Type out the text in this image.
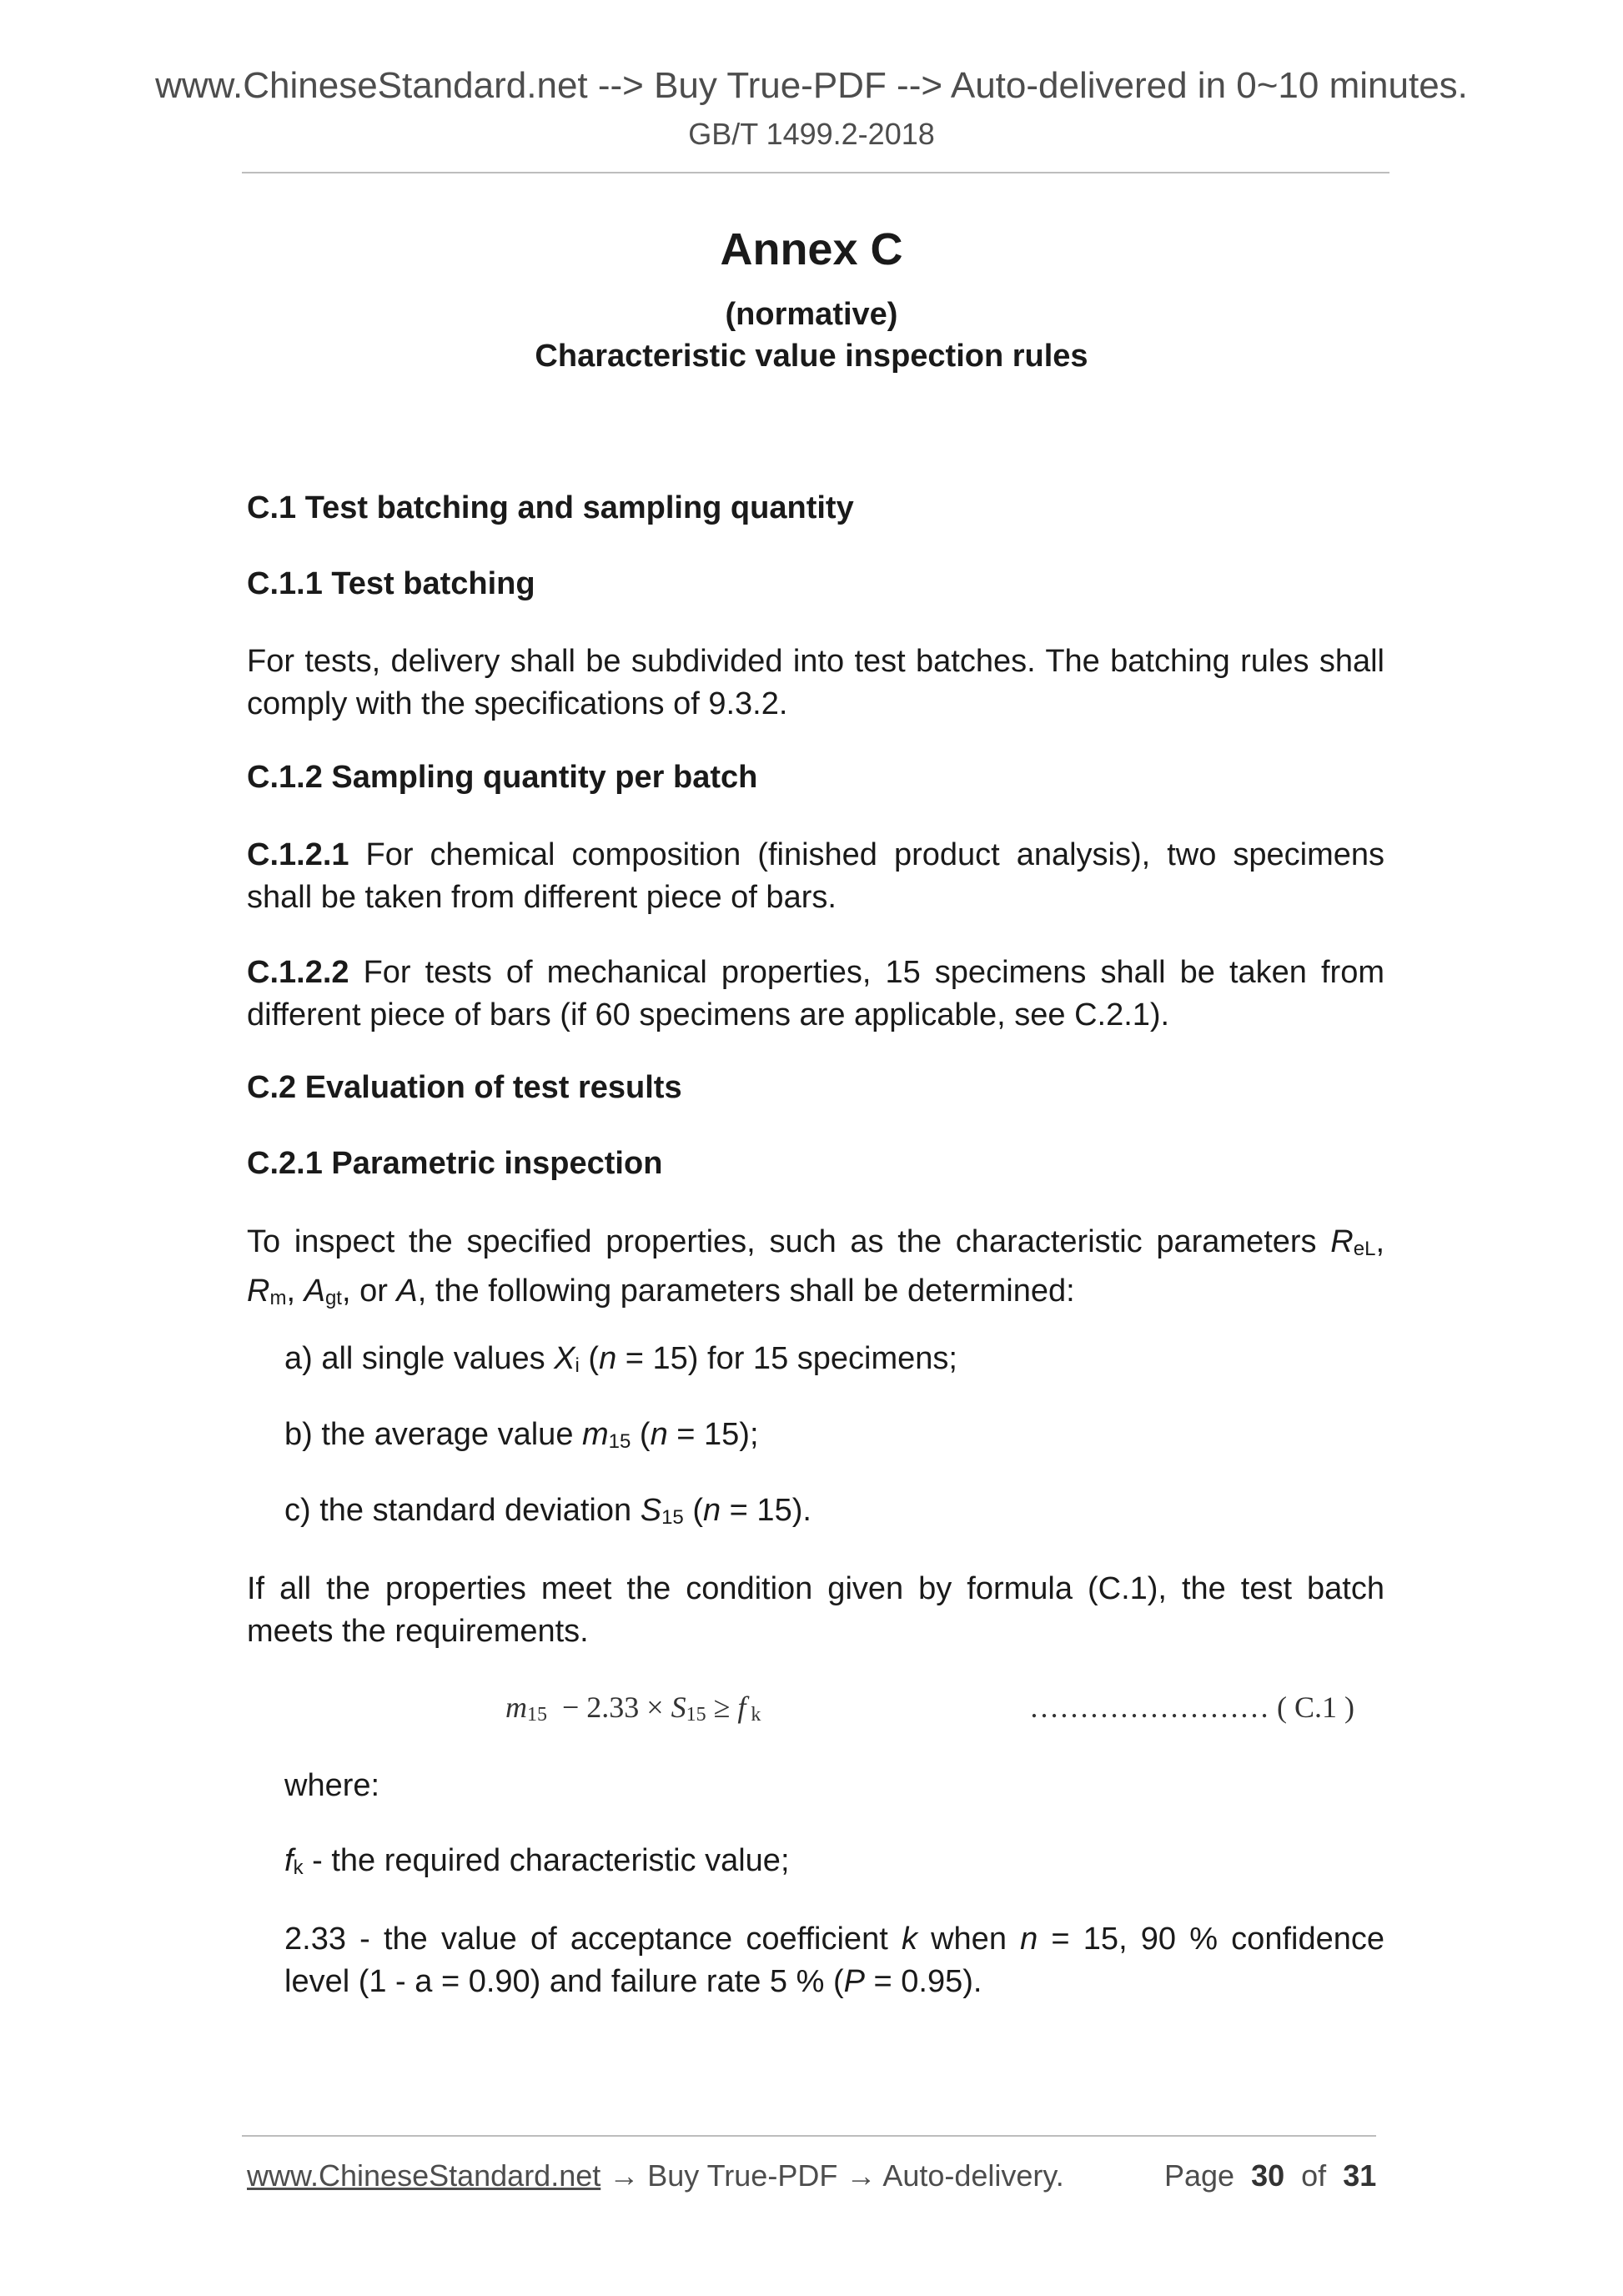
www.ChineseStandard.net --> Buy True-PDF --> Auto-delivered in 0~10 minutes.
GB/T 1499.2-2018
Annex C
(normative)
Characteristic value inspection rules
C.1 Test batching and sampling quantity
C.1.1 Test batching
For tests, delivery shall be subdivided into test batches. The batching rules shall comply with the specifications of 9.3.2.
C.1.2 Sampling quantity per batch
C.1.2.1 For chemical composition (finished product analysis), two specimens shall be taken from different piece of bars.
C.1.2.2 For tests of mechanical properties, 15 specimens shall be taken from different piece of bars (if 60 specimens are applicable, see C.2.1).
C.2 Evaluation of test results
C.2.1 Parametric inspection
To inspect the specified properties, such as the characteristic parameters $R_{eL}$, $R_m$, $A_{gt}$, or A, the following parameters shall be determined:
a) all single values $X_i$ (n = 15) for 15 specimens;
b) the average value $m_{15}$ (n = 15);
c) the standard deviation $S_{15}$ (n = 15).
If all the properties meet the condition given by formula (C.1), the test batch meets the requirements.
$m_{15} - 2.33 \times S_{15} \ge f$ $_k$	…………………… ( C.1 )
where:
$f_k$ - the required characteristic value;
2.33 - the value of acceptance coefficient k when n = 15, 90 % confidence level (1 - a = 0.90) and failure rate 5 % (P = 0.95).
www.ChineseStandard.net → Buy True-PDF → Auto-delivery.	Page 30 of 31
